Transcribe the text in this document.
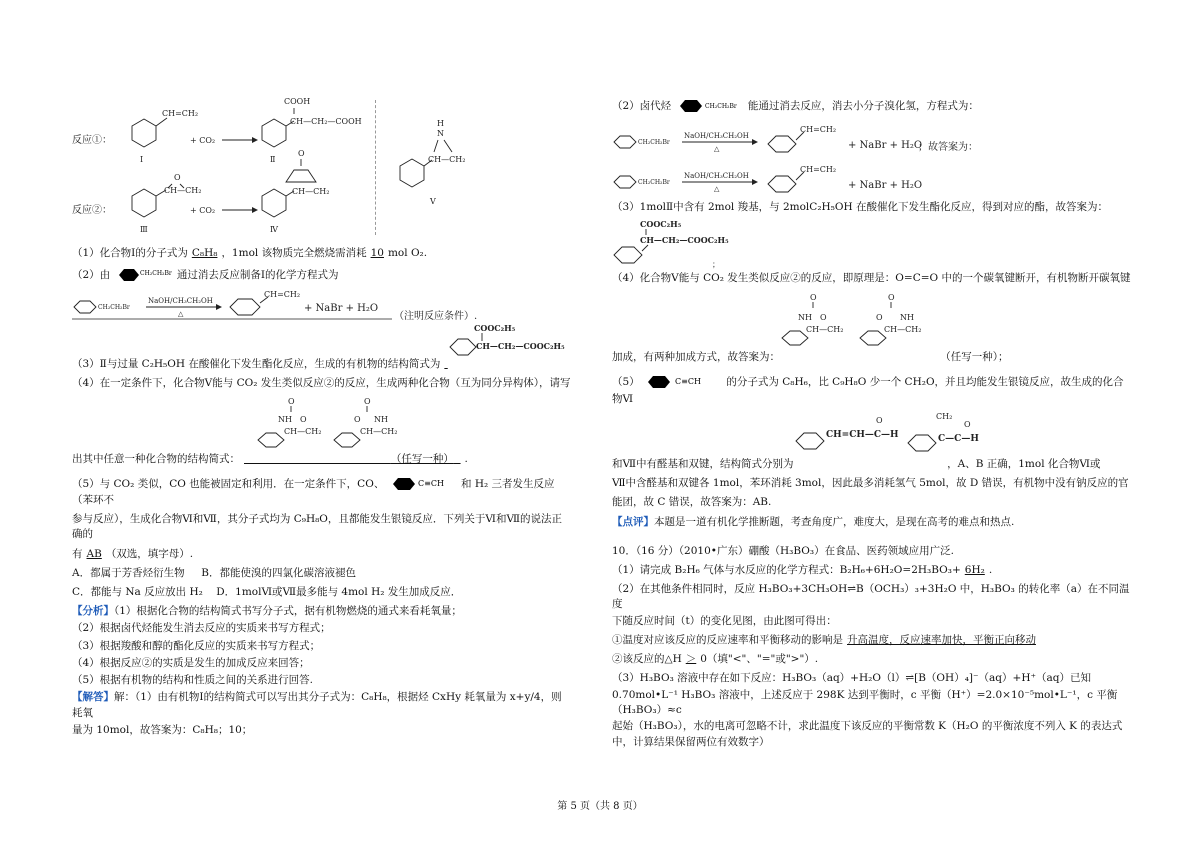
反应①：
CH=CH₂
Ⅰ
+ CO₂
COOH
CH—CH₂—COOH
Ⅱ
反应②：
CH—CH₂
O
Ⅲ
+ CO₂
CH—CH₂
O
Ⅳ
N
H
CH—CH₂
Ⅴ

（1）化合物Ⅰ的分子式为 C₈H₈ ，1mol 该物质完全燃烧需消耗 10 mol O₂.

（2）由	CH₂CH₂Br 通过消去反应制备Ⅰ的化学方程式为

CH₂CH₂Br
NaOH/CH₃CH₂OH
△
CH=CH₂
+ NaBr + H₂O
（注明反应条件）.
COOC₂H₅
CH—CH₂—COOC₂H₅

（3）Ⅱ与过量 C₂H₅OH 在酸催化下发生酯化反应，生成的有机物的结构简式为

（4）在一定条件下，化合物Ⅴ能与 CO₂ 发生类似反应②的反应，生成两种化合物（互为同分异构体），请写

O
NH O
CH—CH₂
O
O NH
CH—CH₂

出其中任意一种化合物的结构简式：	（任写一种） .

（5）与 CO₂ 类似，CO 也能被固定和利用．在一定条件下，CO、	C≡CH 和 H₂ 三者发生反应（苯环不

参与反应），生成化合物Ⅵ和Ⅶ，其分子式均为 C₉H₈O，且都能发生银镜反应．下列关于Ⅵ和Ⅶ的说法正确的

有 AB （双选，填字母）.

A．都属于芳香烃衍生物 B．都能使溴的四氯化碳溶液褪色

C．都能与 Na 反应放出 H₂ D．1molⅥ或Ⅶ最多能与 4mol H₂ 发生加成反应．

【分析】（1）根据化合物的结构简式书写分子式，据有机物燃烧的通式来看耗氧量；

（2）根据卤代烃能发生消去反应的实质来书写方程式；

（3）根据羧酸和醇的酯化反应的实质来书写方程式；

（4）根据反应②的实质是发生的加成反应来回答；

（5）根据有机物的结构和性质之间的关系进行回答.

【解答】解：（1）由有机物Ⅰ的结构简式可以写出其分子式为：C₈H₈，根据烃 CxHy 耗氧量为 x+y/4，则耗氧

量为 10mol，故答案为：C₈H₈；10；

（2）卤代烃	CH₂CH₂Br 能通过消去反应，消去小分子溴化氢，方程式为：

CH₂CH₂Br
NaOH/CH₃CH₂OH
△
CH=CH₂
+ NaBr + H₂O
；故答案为：
CH₂CH₂Br
NaOH/CH₃CH₂OH
△
CH=CH₂
+ NaBr + H₂O

（3）1molⅡ中含有 2mol 羧基，与 2molC₂H₅OH 在酸催化下发生酯化反应，得到对应的酯，故答案为：

COOC₂H₅
CH—CH₂—COOC₂H₅
；

（4）化合物Ⅴ能与 CO₂ 发生类似反应②的反应，即原理是：O=C=O 中的一个碳氧键断开，有机物断开碳氧键

O
NH O
CH—CH₂
O
O NH
CH—CH₂

加成，有两种加成方式，故答案为：	（任写一种）；

（5）	C≡CH 的分子式为 C₈H₆，比 C₉H₈O 少一个 CH₂O，并且均能发生银镜反应，故生成的化合物Ⅵ

CH=CH—C—H
O
C—C—H
CH₂
O

和Ⅶ中有醛基和双键，结构简式分别为	，A、B 正确，1mol 化合物Ⅵ或

Ⅶ中含醛基和双键各 1mol，苯环消耗 3mol，因此最多消耗氢气 5mol，故 D 错误，有机物中没有钠反应的官

能团，故 C 错误，故答案为：AB.

【点评】本题是一道有机化学推断题，考查角度广，难度大，是现在高考的难点和热点.

10．（16 分）（2010•广东）硼酸（H₃BO₃）在食品、医药领域应用广泛.

（1）请完成 B₂H₆ 气体与水反应的化学方程式：B₂H₆+6H₂O=2H₃BO₃+ 6H₂ .

（2）在其他条件相同时，反应 H₃BO₃+3CH₃OH⇌B（OCH₃）₃+3H₂O 中，H₃BO₃ 的转化率（a）在不同温度

下随反应时间（t）的变化见图，由此图可得出：

①温度对应该反应的反应速率和平衡移动的影响是 升高温度，反应速率加快，平衡正向移动

②该反应的△H ＞ 0（填"<"、"="或">"）.

（3）H₃BO₃ 溶液中存在如下反应：H₃BO₃（aq）+H₂O（l）⇌[B（OH）₄]⁻（aq）+H⁺（aq）已知

0.70mol•L⁻¹ H₃BO₃ 溶液中，上述反应于 298K 达到平衡时，c 平衡（H⁺）=2.0×10⁻⁵mol•L⁻¹，c 平衡（H₃BO₃）≈c

起始（H₃BO₃），水的电离可忽略不计，求此温度下该反应的平衡常数 K（H₂O 的平衡浓度不列入 K 的表达式

中，计算结果保留两位有效数字）

第 5 页（共 8 页）
